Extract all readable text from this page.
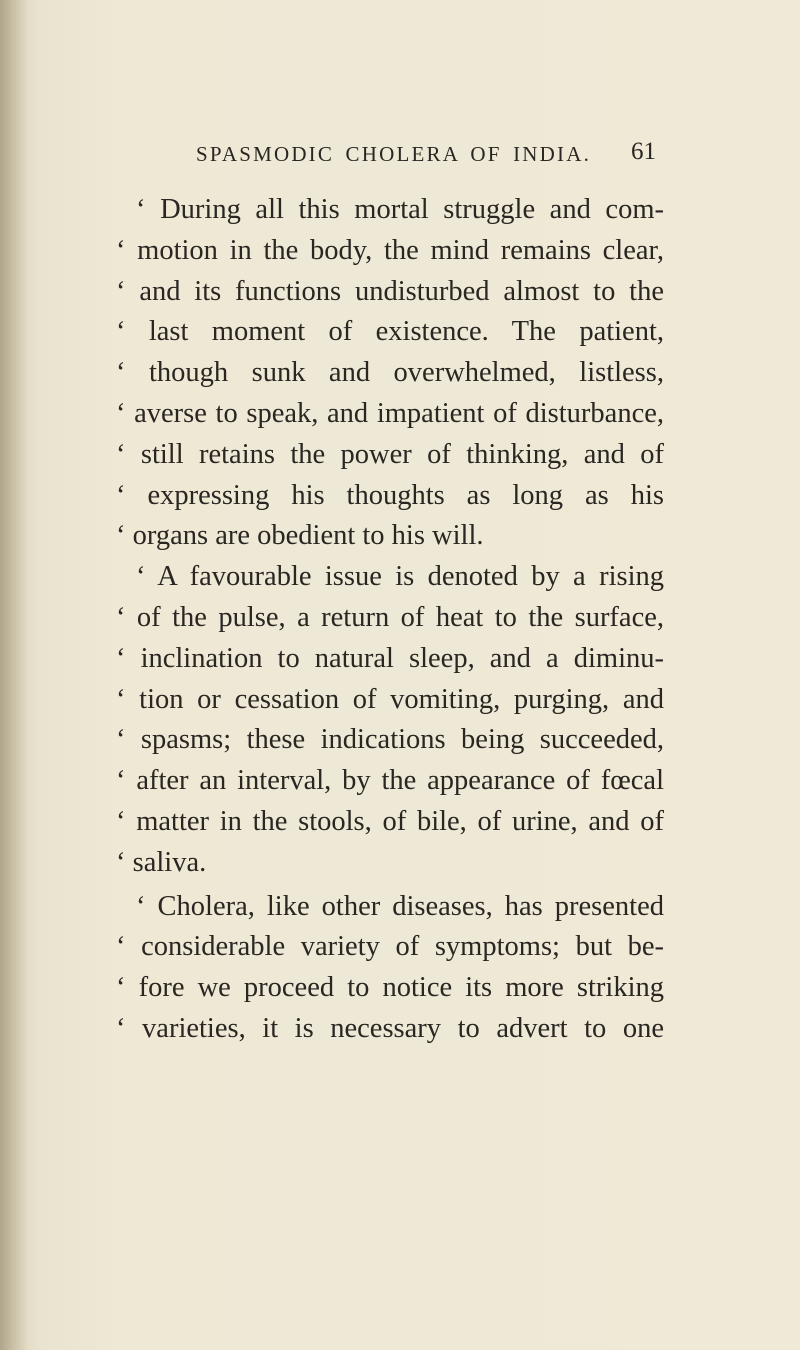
SPASMODIC CHOLERA OF INDIA. 61
‘ During all this mortal struggle and com-
‘ motion in the body, the mind remains clear,
‘ and its functions undisturbed almost to the
‘ last moment of existence. The patient,
‘ though sunk and overwhelmed, listless,
‘ averse to speak, and impatient of disturbance,
‘ still retains the power of thinking, and of
‘ expressing his thoughts as long as his
‘ organs are obedient to his will.
‘ A favourable issue is denoted by a rising
‘ of the pulse, a return of heat to the surface,
‘ inclination to natural sleep, and a diminu-
‘ tion or cessation of vomiting, purging, and
‘ spasms; these indications being succeeded,
‘ after an interval, by the appearance of fœcal
‘ matter in the stools, of bile, of urine, and of
‘ saliva.
‘ Cholera, like other diseases, has presented
‘ considerable variety of symptoms; but be-
‘ fore we proceed to notice its more striking
‘ varieties, it is necessary to advert to one
